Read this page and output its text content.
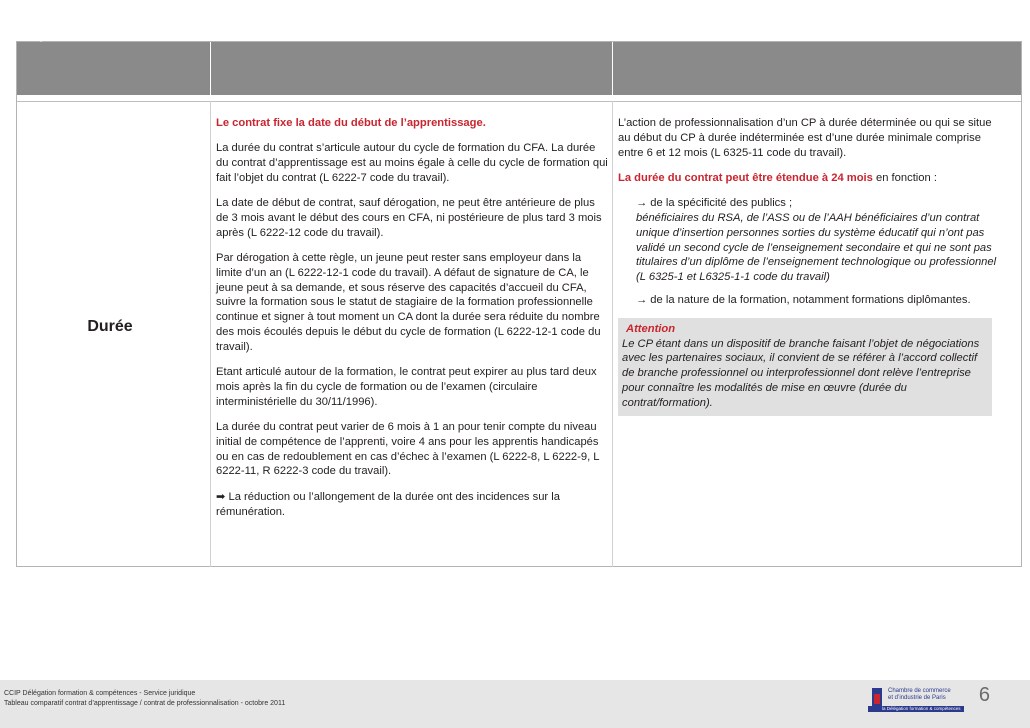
Dispositions légales
septembre 2011
CONTRAT D’APPRENTISSAGE	CONTRAT DE PROFESSIONNALISATION et
« ACTION DE PROFESSIONNALISATION »
Durée

Le contrat fixe la date du début de l’apprentissage.

La durée du contrat s’articule autour du cycle de formation du CFA. La durée du contrat d’apprentissage est au moins égale à celle du cycle de formation qui fait l’objet du contrat (L 6222-7 code du travail).

La date de début de contrat, sauf dérogation, ne peut être antérieure de plus de 3 mois avant le début des cours en CFA, ni postérieure de plus tard 3 mois après (L 6222-12 code du travail).

Par dérogation à cette règle, un jeune peut rester sans employeur dans la limite d’un an (L 6222-12-1 code du travail). A défaut de signature de CA, le jeune peut à sa demande, et sous réserve des capacités d’accueil du CFA, suivre la formation sous le statut de stagiaire de la formation professionnelle continue et signer à tout moment un CA dont la durée sera réduite du nombre des mois écoulés depuis le début du cycle de formation (L 6222-12-1 code du travail).

Etant articulé autour de la formation, le contrat peut expirer au plus tard deux mois après la fin du cycle de formation ou de l’examen (circulaire interministérielle du 30/11/1996).

La durée du contrat peut varier de 6 mois à 1 an pour tenir compte du niveau initial de compétence de l’apprenti, voire 4 ans pour les apprentis handicapés ou en cas de redoublement en cas d’échec à l’examen (L 6222-8, L 6222-9, L 6222-11, R 6222-3 code du travail).

➡ La réduction ou l’allongement de la durée ont des incidences sur la rémunération.

L’action de professionnalisation d’un CP à durée déterminée ou qui se situe au début du CP à durée indéterminée est d’une durée minimale comprise entre 6 et 12 mois (L 6325-11 code du travail).

La durée du contrat peut être étendue à 24 mois en fonction :

→ de la spécificité des publics ;

bénéficiaires du RSA, de l’ASS ou de l’AAH bénéficiaires d’un contrat unique d’insertion personnes sorties du système éducatif qui n’ont pas validé un second cycle de l’enseignement secondaire et qui ne sont pas titulaires d’un diplôme de l’enseignement technologique ou professionnel (L 6325-1 et L6325-1-1 code du travail)

→ de la nature de la formation, notamment formations diplômantes.

Attention
Le CP étant dans un dispositif de branche faisant l’objet de négociations avec les partenaires sociaux, il convient de se référer à l’accord collectif de branche professionnel ou interprofessionnel dont relève l’entreprise pour connaître les modalités de mise en œuvre (durée du contrat/formation).
CCIP Délégation formation & compétences - Service juridique
Tableau comparatif contrat d’apprentissage / contrat de professionnalisation - octobre 2011
Chambre de commerce
et d’industrie de Paris
la Délégation formation & compétences
6
